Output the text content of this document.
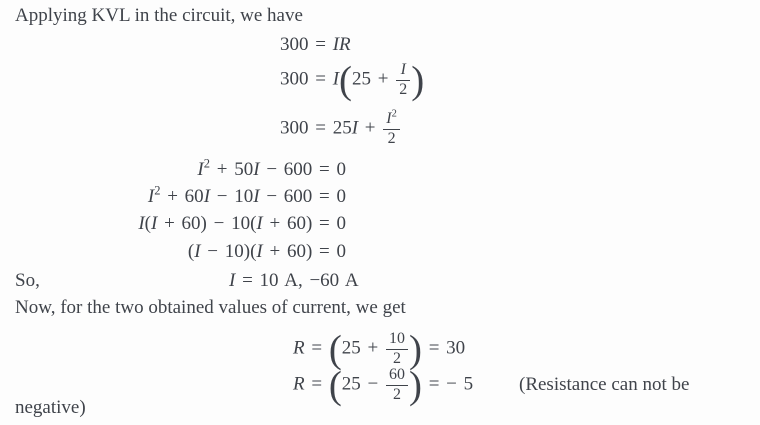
Applying KVL in the circuit, we have
300 = IR
$300 = I(25 + \frac{I}{2}$ )
$300 = 25I + \frac{I^2}{2}$
$I^2 + 50I - 600 = 0$
$I^2 + 60I - 10I - 600 = 0$
I(I + 60) − 10(I + 60) = 0
(I − 10)(I + 60) = 0
So,	I = 10 A, −60 A
Now, for the two obtained values of current, we get
$R = (25 + \frac{10}{2}$ ) = 30
$R = (25 - \frac{60}{2}$ ) = − 5 (Resistance can not be
negative)
